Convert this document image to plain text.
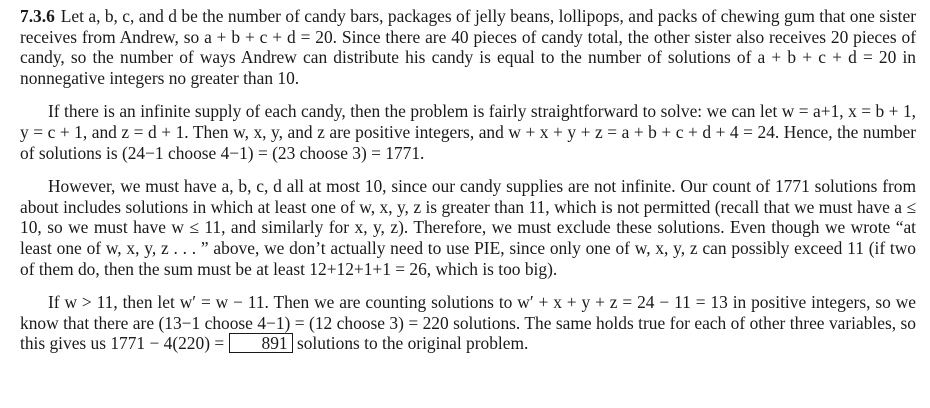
7.3.6 Let a, b, c, and d be the number of candy bars, packages of jelly beans, lollipops, and packs of chewing gum that one sister receives from Andrew, so a + b + c + d = 20. Since there are 40 pieces of candy total, the other sister also receives 20 pieces of candy, so the number of ways Andrew can distribute his candy is equal to the number of solutions of a + b + c + d = 20 in nonnegative integers no greater than 10.

If there is an infinite supply of each candy, then the problem is fairly straightforward to solve: we can let w = a+1, x = b + 1, y = c + 1, and z = d + 1. Then w, x, y, and z are positive integers, and w + x + y + z = a + b + c + d + 4 = 24. Hence, the number of solutions is (24−1 choose 4−1) = (23 choose 3) = 1771.

However, we must have a, b, c, d all at most 10, since our candy supplies are not infinite. Our count of 1771 solutions from about includes solutions in which at least one of w, x, y, z is greater than 11, which is not permitted (recall that we must have a ≤ 10, so we must have w ≤ 11, and similarly for x, y, z). Therefore, we must exclude these solutions. Even though we wrote “at least one of w, x, y, z . . . ” above, we don’t actually need to use PIE, since only one of w, x, y, z can possibly exceed 11 (if two of them do, then the sum must be at least 12+12+1+1 = 26, which is too big).

If w > 11, then let w′ = w − 11. Then we are counting solutions to w′ + x + y + z = 24 − 11 = 13 in positive integers, so we know that there are (13−1 choose 4−1) = (12 choose 3) = 220 solutions. The same holds true for each of other three variables, so this gives us 1771 − 4(220) = 891 solutions to the original problem.
